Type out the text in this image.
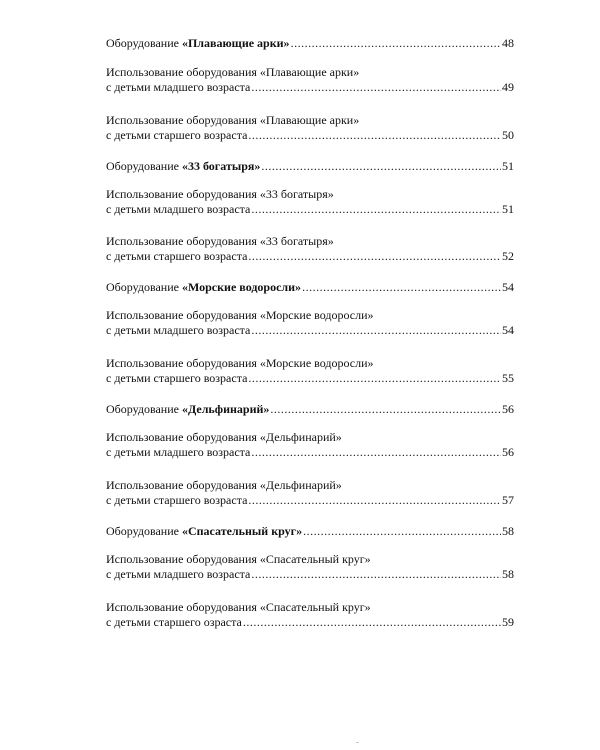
Оборудование «Плавающие арки» .....	48
Использование оборудования «Плавающие арки»
с детьми младшего возраста .....	49
Использование оборудования «Плавающие арки»
с детьми старшего возраста .....	50
Оборудование «33 богатыря» .....	51
Использование оборудования «33 богатыря»
с детьми младшего возраста .....	51
Использование оборудования «33 богатыря»
с детьми старшего возраста .....	52
Оборудование «Морские водоросли» .....	54
Использование оборудования «Морские водоросли»
с детьми младшего возраста .....	54
Использование оборудования «Морские водоросли»
с детьми старшего возраста .....	55
Оборудование «Дельфинарий» .....	56
Использование оборудования «Дельфинарий»
с детьми младшего возраста .....	56
Использование оборудования «Дельфинарий»
с детьми старшего возраста .....	57
Оборудование «Спасательный круг» .....	58
Использование оборудования «Спасательный круг»
с детьми младшего возраста .....	58
Использование оборудования «Спасательный круг»
с детьми старшего озраста .....	59
